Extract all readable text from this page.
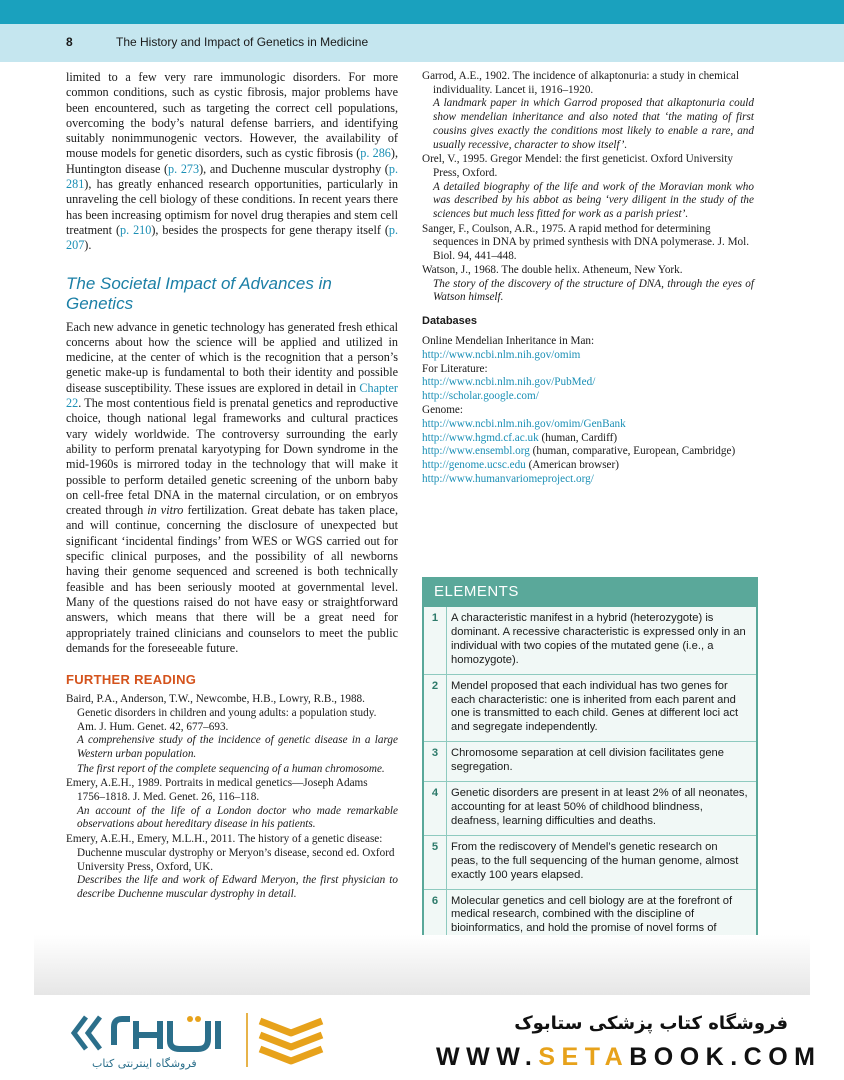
8	The History and Impact of Genetics in Medicine

limited to a few very rare immunologic disorders. For more common conditions, such as cystic fibrosis, major problems have been encountered, such as targeting the correct cell populations, overcoming the body’s natural defense barriers, and identifying suitably nonimmunogenic vectors. However, the availability of mouse models for genetic disorders, such as cystic fibrosis (p. 286), Huntington disease (p. 273), and Duchenne muscular dystrophy (p. 281), has greatly enhanced research opportunities, particularly in unraveling the cell biology of these conditions. In recent years there has been increasing optimism for novel drug therapies and stem cell treatment (p. 210), besides the prospects for gene therapy itself (p. 207).

The Societal Impact of Advances in Genetics

Each new advance in genetic technology has generated fresh ethical concerns about how the science will be applied and utilized in medicine, at the center of which is the recognition that a person’s genetic make-up is fundamental to both their identity and possible disease susceptibility. These issues are explored in detail in Chapter 22. The most contentious field is prenatal genetics and reproductive choice, though national legal frameworks and cultural practices vary widely worldwide. The controversy surrounding the early ability to perform prenatal karyotyping for Down syndrome in the mid-1960s is mirrored today in the technology that will make it possible to perform detailed genetic screening of the unborn baby on cell-free fetal DNA in the maternal circulation, or on embryos created through in vitro fertilization. Great debate has taken place, and will continue, concerning the disclosure of unexpected but significant ‘incidental findings’ from WES or WGS carried out for specific clinical purposes, and the possibility of all newborns having their genome sequenced and screened is both technically feasible and has been seriously mooted at governmental level. Many of the questions raised do not have easy or straightforward answers, which means that there will be a great need for appropriately trained clinicians and counselors to meet the public demands for the foreseeable future.

FURTHER READING

Baird, P.A., Anderson, T.W., Newcombe, H.B., Lowry, R.B., 1988. Genetic disorders in children and young adults: a population study. Am. J. Hum. Genet. 42, 677–693.

A comprehensive study of the incidence of genetic disease in a large Western urban population.

The first report of the complete sequencing of a human chromosome.

Emery, A.E.H., 1989. Portraits in medical genetics—Joseph Adams 1756–1818. J. Med. Genet. 26, 116–118.

An account of the life of a London doctor who made remarkable observations about hereditary disease in his patients.

Emery, A.E.H., Emery, M.L.H., 2011. The history of a genetic disease: Duchenne muscular dystrophy or Meryon’s disease, second ed. Oxford University Press, Oxford, UK.

Describes the life and work of Edward Meryon, the first physician to describe Duchenne muscular dystrophy in detail.

Garrod, A.E., 1902. The incidence of alkaptonuria: a study in chemical individuality. Lancet ii, 1916–1920.

A landmark paper in which Garrod proposed that alkaptonuria could show mendelian inheritance and also noted that ‘the mating of first cousins gives exactly the conditions most likely to enable a rare, and usually recessive, character to show itself’.

Orel, V., 1995. Gregor Mendel: the first geneticist. Oxford University Press, Oxford.

A detailed biography of the life and work of the Moravian monk who was described by his abbot as being ‘very diligent in the study of the sciences but much less fitted for work as a parish priest’.

Sanger, F., Coulson, A.R., 1975. A rapid method for determining sequences in DNA by primed synthesis with DNA polymerase. J. Mol. Biol. 94, 441–448.

Watson, J., 1968. The double helix. Atheneum, New York.

The story of the discovery of the structure of DNA, through the eyes of Watson himself.

Databases

Online Mendelian Inheritance in Man:

http://www.ncbi.nlm.nih.gov/omim

For Literature:

http://www.ncbi.nlm.nih.gov/PubMed/

http://scholar.google.com/

Genome:

http://www.ncbi.nlm.nih.gov/omim/GenBank

http://www.hgmd.cf.ac.uk (human, Cardiff)

http://www.ensembl.org (human, comparative, European, Cambridge)

http://genome.ucsc.edu (American browser)

http://www.humanvariomeproject.org/

ELEMENTS
1	A characteristic manifest in a hybrid (heterozygote) is dominant. A recessive characteristic is expressed only in an individual with two copies of the mutated gene (i.e., a homozygote).
2	Mendel proposed that each individual has two genes for each characteristic: one is inherited from each parent and one is transmitted to each child. Genes at different loci act and segregate independently.
3	Chromosome separation at cell division facilitates gene segregation.
4	Genetic disorders are present in at least 2% of all neonates, accounting for at least 50% of childhood blindness, deafness, learning difficulties and deaths.
5	From the rediscovery of Mendel’s genetic research on peas, to the full sequencing of the human genome, almost exactly 100 years elapsed.
6	Molecular genetics and cell biology are at the forefront of medical research, combined with the discipline of bioinformatics, and hold the promise of novel forms of
فروشگاه اینترنتی کتاب
فروشگاه کتاب پزشکی ستابوک
WWW.SETABOOK.COM
